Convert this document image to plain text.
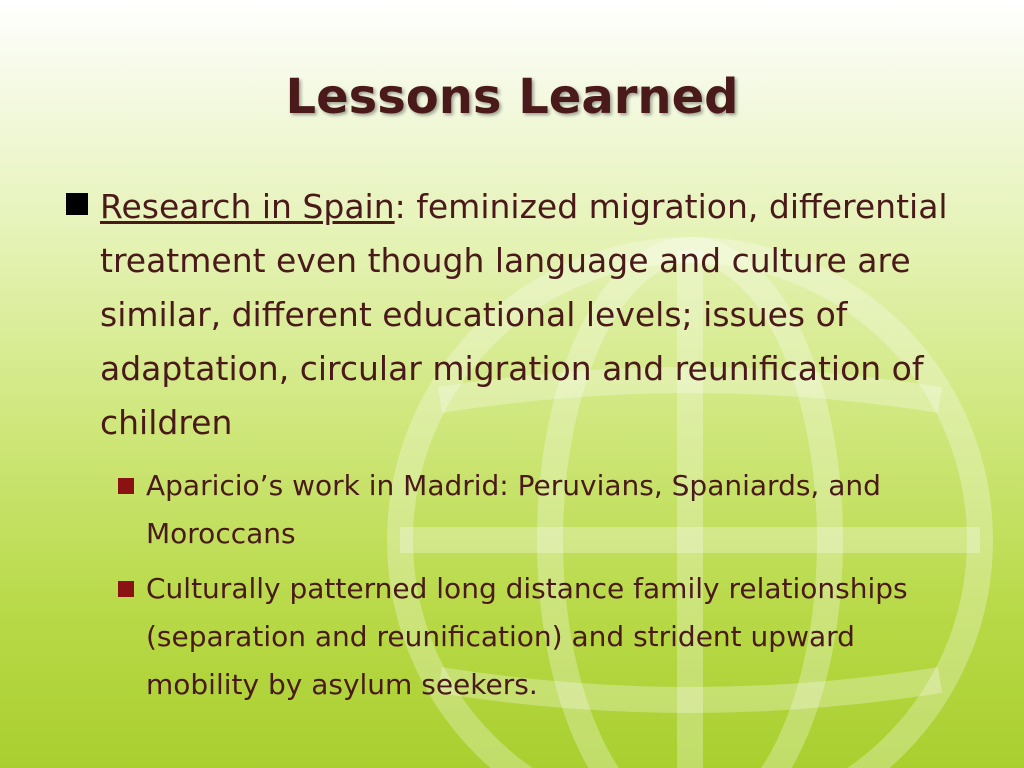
Lessons Learned
Research in Spain: feminized migration, differential treatment even though language and culture are similar, different educational levels; issues of adaptation, circular migration and reunification of children
Aparicio’s work in Madrid: Peruvians, Spaniards, and Moroccans
Culturally patterned long distance family relationships (separation and reunification) and strident upward mobility by asylum seekers.
